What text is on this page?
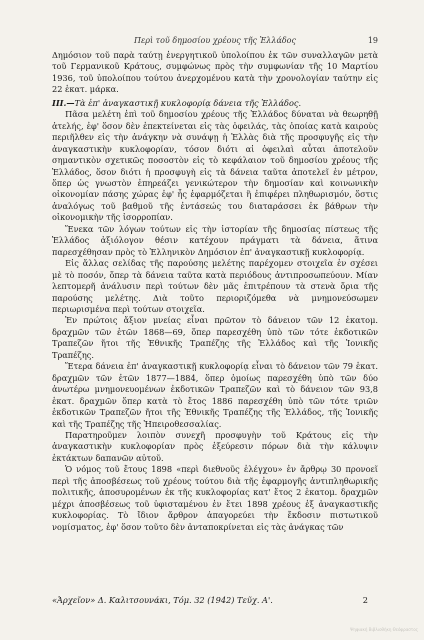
Περὶ τοῦ δημοσίου χρέους τῆς Ἑλλάδος	19

Δημόσιον τοῦ παρὰ ταύτῃ ἐνεργητικοῦ ὑπολοίπου ἐκ τῶν συναλλαγῶν μετὰ τοῦ Γερμανικοῦ Κράτους, συμφώνως πρὸς τὴν συμφωνίαν τῆς 10 Μαρτίου 1936, τοῦ ὑπολοίπου τούτου ἀνερχομένου κατὰ τὴν χρονολογίαν ταύτην εἰς 22 ἑκατ. μάρκα.

III.—Τὰ ἐπ' ἀναγκαστικῇ κυκλοφορίᾳ δάνεια τῆς Ἑλλάδος.

Πᾶσα μελέτη ἐπὶ τοῦ δημοσίου χρέους τῆς Ἑλλάδος δύναται νὰ θεωρηθῇ ἀτελής, ἐφ' ὅσον δὲν ἐπεκτείνεται εἰς τὰς ὀφειλάς, τὰς ὁποίας κατὰ καιροὺς περιῆλθεν εἰς τὴν ἀνάγκην νὰ συνάψῃ ἡ Ἑλλὰς διὰ τῆς προσφυγῆς εἰς τὴν ἀναγκαστικὴν κυκλοφορίαν, τόσον διότι αἱ ὀφειλαὶ αὗται ἀποτελοῦν σημαντικὸν σχετικῶς ποσοστὸν εἰς τὸ κεφάλαιον τοῦ δημοσίου χρέους τῆς Ἑλλάδος, ὅσον διότι ἡ προσφυγὴ εἰς τὰ δάνεια ταῦτα ἀποτελεῖ ἐν μέτρον, ὅπερ ὡς γνωστὸν ἐπηρεάζει γενικώτερον τὴν δημοσίαν καὶ κοινωνικὴν οἰκονομίαν πάσης χώρας ἐφ' ἧς ἐφαρμόζεται ἢ ἐπιφέρει πληθωρισμόν, ὅστις ἀναλόγως τοῦ βαθμοῦ τῆς ἐντάσεώς του διαταράσσει ἐκ βάθρων τὴν οἰκονομικὴν τῆς ἰσορροπίαν.

Ἕνεκα τῶν λόγων τούτων εἰς τὴν ἱστορίαν τῆς δημοσίας πίστεως τῆς Ἑλλάδος ἀξιόλογον θέσιν κατέχουν πράγματι τὰ δάνεια, ἅτινα παρεσχέθησαν πρὸς τὸ Ἑλληνικὸν Δημόσιον ἐπ' ἀναγκαστικῇ κυκλοφορίᾳ.

Εἰς ἄλλας σελίδας τῆς παρούσης μελέτης παρέχομεν στοιχεῖα ἐν σχέσει μὲ τὸ ποσόν, ὅπερ τὰ δάνεια ταῦτα κατὰ περιόδους ἀντιπροσωπεύουν. Μίαν λεπτομερῆ ἀνάλυσιν περὶ τούτων δὲν μᾶς ἐπιτρέπουν τὰ στενὰ ὅρια τῆς παρούσης μελέτης. Διὰ τοῦτο περιοριζόμεθα νὰ μνημονεύσωμεν περιωρισμένα περὶ τούτων στοιχεῖα.

Ἐν πρώτοις ἄξιον μνείας εἶναι πρῶτον τὸ δάνειον τῶν 12 ἑκατομ. δραχμῶν τῶν ἐτῶν 1868—69, ὅπερ παρεσχέθη ὑπὸ τῶν τότε ἐκδοτικῶν Τραπεζῶν ἤτοι τῆς Ἐθνικῆς Τραπέζης τῆς Ἑλλάδος καὶ τῆς Ἰονικῆς Τραπέζης.

Ἕτερα δάνεια ἐπ' ἀναγκαστικῇ κυκλοφορίᾳ εἶναι τὸ δάνειον τῶν 79 ἑκατ. δραχμῶν τῶν ἐτῶν 1877—1884, ὅπερ ὁμοίως παρεσχέθη ὑπὸ τῶν δύο ἀνωτέρω μνημονευομένων ἐκδοτικῶν Τραπεζῶν καὶ τὸ δάνειον τῶν 93,8 ἑκατ. δραχμῶν ὅπερ κατὰ τὸ ἔτος 1886 παρεσχέθη ὑπὸ τῶν τότε τριῶν ἐκδοτικῶν Τραπεζῶν ἤτοι τῆς Ἐθνικῆς Τραπέζης τῆς Ἑλλάδος, τῆς Ἰονικῆς καὶ τῆς Τραπέζης τῆς Ἠπειροθεσσαλίας.

Παρατηροῦμεν λοιπὸν συνεχῆ προσφυγὴν τοῦ Κράτους εἰς τὴν ἀναγκαστικὴν κυκλοφορίαν πρὸς ἐξεύρεσιν πόρων διὰ τὴν κάλυψιν ἐκτάκτων δαπανῶν αὐτοῦ.

Ὁ νόμος τοῦ ἔτους 1898 «περὶ διεθνοῦς ἐλέγχου» ἐν ἄρθρῳ 30 προνοεῖ περὶ τῆς ἀποσβέσεως τοῦ χρέους τούτου διὰ τῆς ἐφαρμογῆς ἀντιπληθωρικῆς πολιτικῆς, ἀποσυρομένων ἐκ τῆς κυκλοφορίας κατ' ἔτος 2 ἑκατομ. δραχμῶν μέχρι ἀποσβέσεως τοῦ ὑφισταμένου ἐν ἔτει 1898 χρέους ἐξ ἀναγκαστικῆς κυκλοφορίας. Τὸ ἴδιον ἄρθρον ἀπαγορεύει τὴν ἔκδοσιν πιστωτικοῦ νομίσματος, ἐφ' ὅσον τοῦτο δὲν ἀνταποκρίνεται εἰς τὰς ἀνάγκας τῶν

«Ἀρχεῖον» Δ. Καλιτσουνάκι, Τόμ. 32 (1942) Τεῦχ. Α'.	2
Ψηφιακή Βιβλιοθήκη Θεόφραστος
